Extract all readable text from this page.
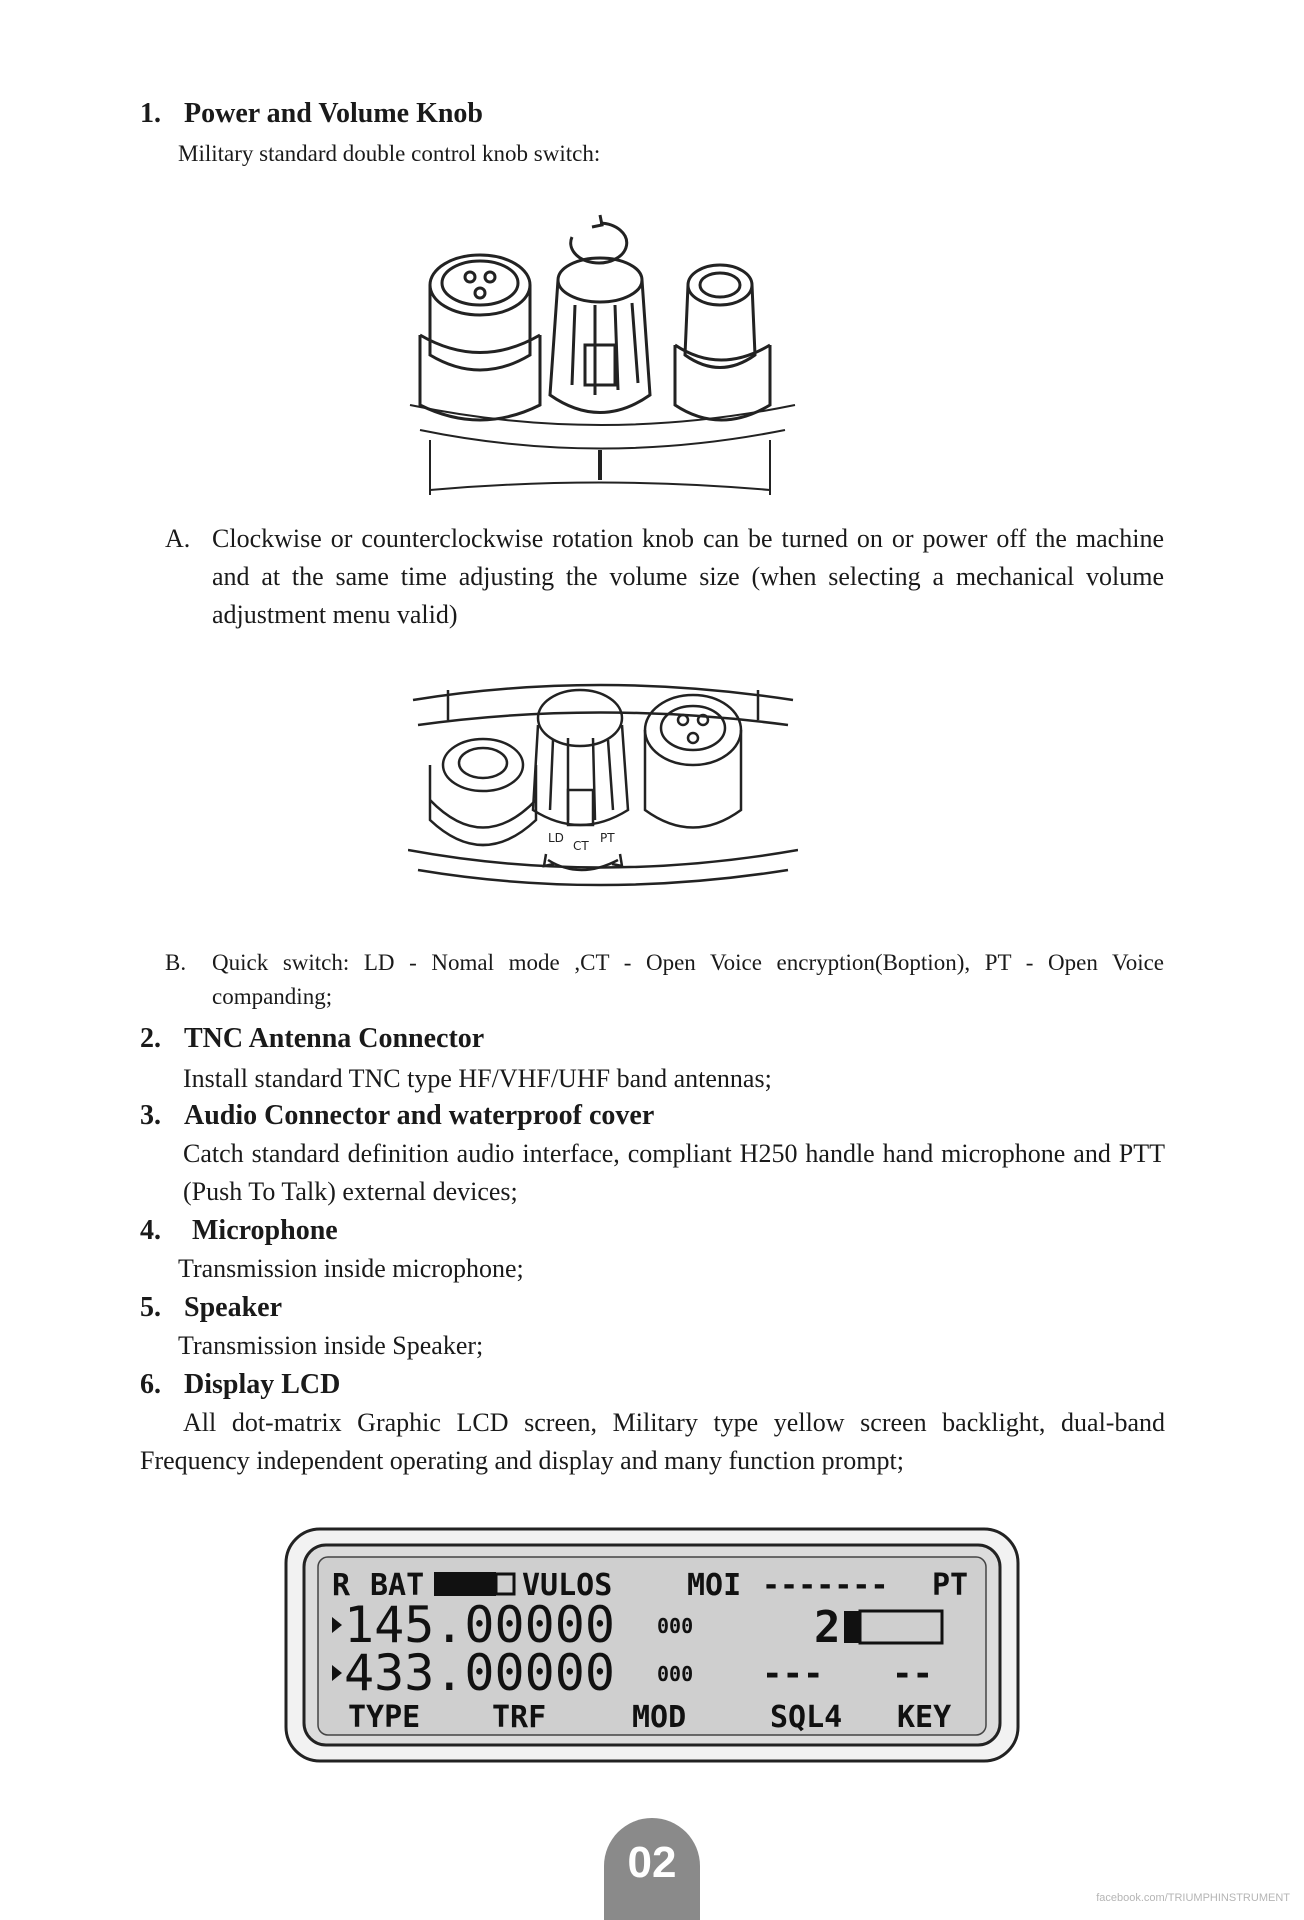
1. Power and Volume Knob
Military standard double control knob switch:
A. Clockwise or counterclockwise rotation knob can be turned on or power off the machine and at the same time adjusting the volume size (when selecting a mechanical volume adjustment menu valid)
LD
CT
PT
B. Quick switch: LD - Nomal mode ,CT - Open Voice encryption(Boption), PT - Open Voice companding;
2. TNC Antenna Connector
Install standard TNC type HF/VHF/UHF band antennas;
3. Audio Connector and waterproof cover
Catch standard definition audio interface, compliant H250 handle hand microphone and PTT (Push To Talk) external devices;
4. Microphone
Transmission inside microphone;
5. Speaker
Transmission inside Speaker;
6. Display LCD
All dot-matrix Graphic LCD screen, Military type yellow screen backlight, dual-band Frequency independent operating and display and many function prompt;
R BAT	VULOS MOI ------- PT
145.00000 000	2
433.00000 000 --- --
TYPE TRF	MOD	SQL4 KEY
02
facebook.com/TRIUMPHINSTRUMENT
